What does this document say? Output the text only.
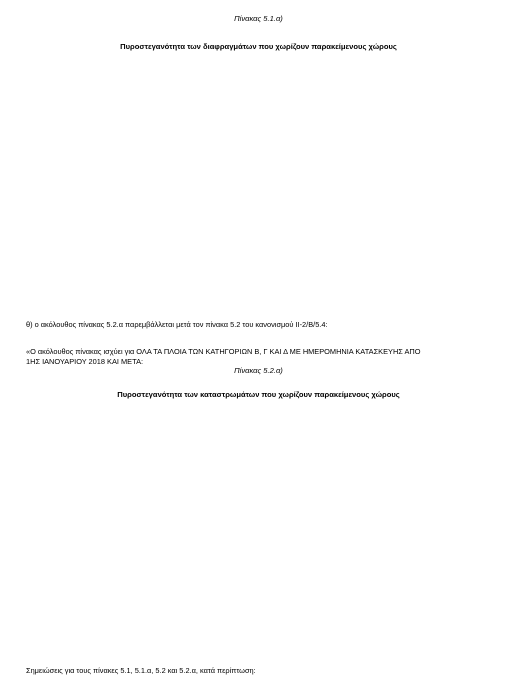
Πίνακας 5.1.α)
Πυροστεγανότητα των διαφραγμάτων που χωρίζουν παρακείμενους χώρους
θ) ο ακόλουθος πίνακας 5.2.α παρεμβάλλεται μετά τον πίνακα 5.2 του κανονισμού II-2/B/5.4:
«Ο ακόλουθος πίνακας ισχύει για ΟΛΑ ΤΑ ΠΛΟΙΑ ΤΩΝ ΚΑΤΗΓΟΡΙΩΝ Β, Γ ΚΑΙ Δ ΜΕ ΗΜΕΡΟΜΗΝΙΑ ΚΑΤΑΣΚΕΥΗΣ ΑΠΟ
1ΗΣ ΙΑΝΟΥΑΡΙΟΥ 2018 ΚΑΙ ΜΕΤΑ:
Πίνακας 5.2.α)
Πυροστεγανότητα των καταστρωμάτων που χωρίζουν παρακείμενους χώρους
Σημειώσεις για τους πίνακες 5.1, 5.1.α, 5.2 και 5.2.α, κατά περίπτωση:
